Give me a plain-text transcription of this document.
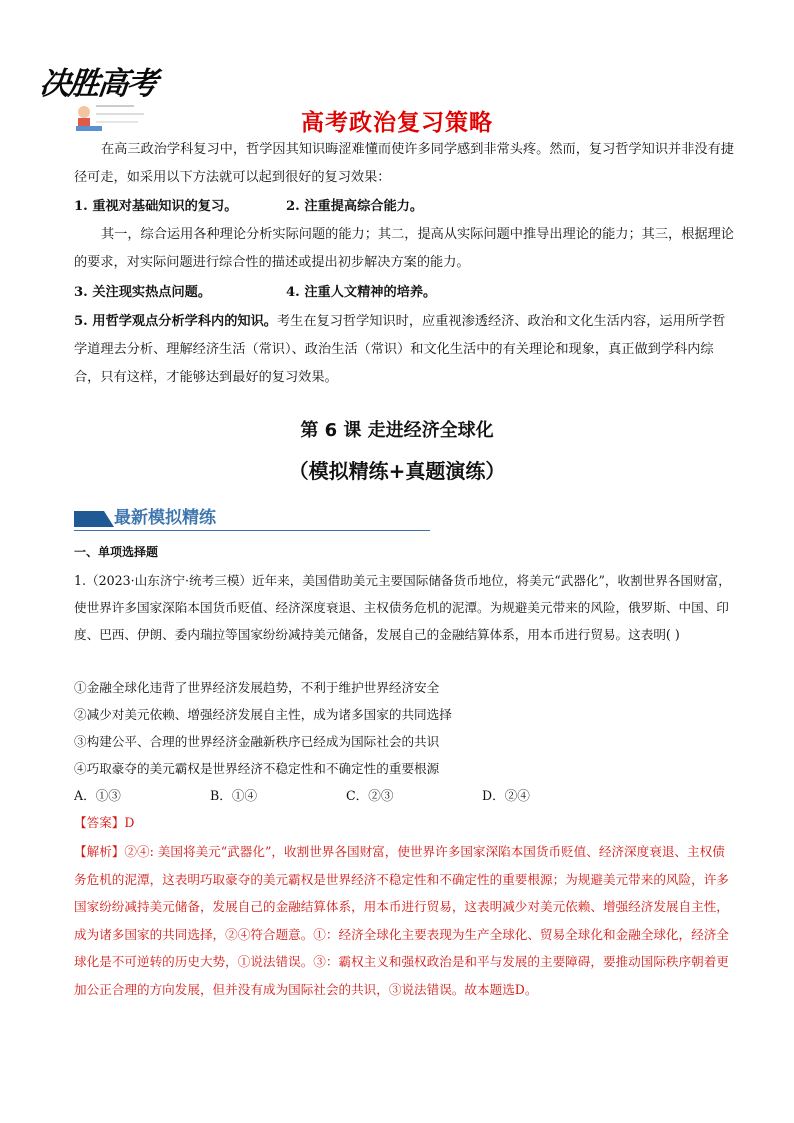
决胜高考
高考政治复习策略

在高三政治学科复习中，哲学因其知识晦涩难懂而使许多同学感到非常头疼。然而，复习哲学知识并非没有捷径可走，如采用以下方法就可以起到很好的复习效果：

1. 重视对基础知识的复习。	2. 注重提高综合能力。

其一，综合运用各种理论分析实际问题的能力；其二，提高从实际问题中推导出理论的能力；其三，根据理论的要求，对实际问题进行综合性的描述或提出初步解决方案的能力。

3. 关注现实热点问题。	4. 注重人文精神的培养。

5. 用哲学观点分析学科内的知识。考生在复习哲学知识时，应重视渗透经济、政治和文化生活内容，运用所学哲学道理去分析、理解经济生活（常识）、政治生活（常识）和文化生活中的有关理论和现象，真正做到学科内综合，只有这样，才能够达到最好的复习效果。

第 6 课 走进经济全球化
（模拟精练+真题演练）
最新模拟精练
一、单项选择题

1.（2023·山东济宁·统考三模）近年来，美国借助美元主要国际储备货币地位，将美元“武器化”，收割世界各国财富，使世界许多国家深陷本国货币贬值、经济深度衰退、主权债务危机的泥潭。为规避美元带来的风险，俄罗斯、中国、印度、巴西、伊朗、委内瑞拉等国家纷纷减持美元储备，发展自己的金融结算体系，用本币进行贸易。这表明( )

①金融全球化违背了世界经济发展趋势，不利于维护世界经济安全
②减少对美元依赖、增强经济发展自主性，成为诸多国家的共同选择
③构建公平、合理的世界经济金融新秩序已经成为国际社会的共识
④巧取豪夺的美元霸权是世界经济不稳定性和不确定性的重要根源
A．①③	B．①④	C．②③	D．②④
【答案】D

【解析】②④: 美国将美元“武器化”，收割世界各国财富，使世界许多国家深陷本国货币贬值、经济深度衰退、主权债务危机的泥潭，这表明巧取豪夺的美元霸权是世界经济不稳定性和不确定性的重要根源；为规避美元带来的风险，许多国家纷纷减持美元储备，发展自己的金融结算体系，用本币进行贸易，这表明减少对美元依赖、增强经济发展自主性，成为诸多国家的共同选择，②④符合题意。①：经济全球化主要表现为生产全球化、贸易全球化和金融全球化，经济全球化是不可逆转的历史大势，①说法错误。③：霸权主义和强权政治是和平与发展的主要障碍，要推动国际秩序朝着更加公正合理的方向发展，但并没有成为国际社会的共识，③说法错误。故本题选D。
